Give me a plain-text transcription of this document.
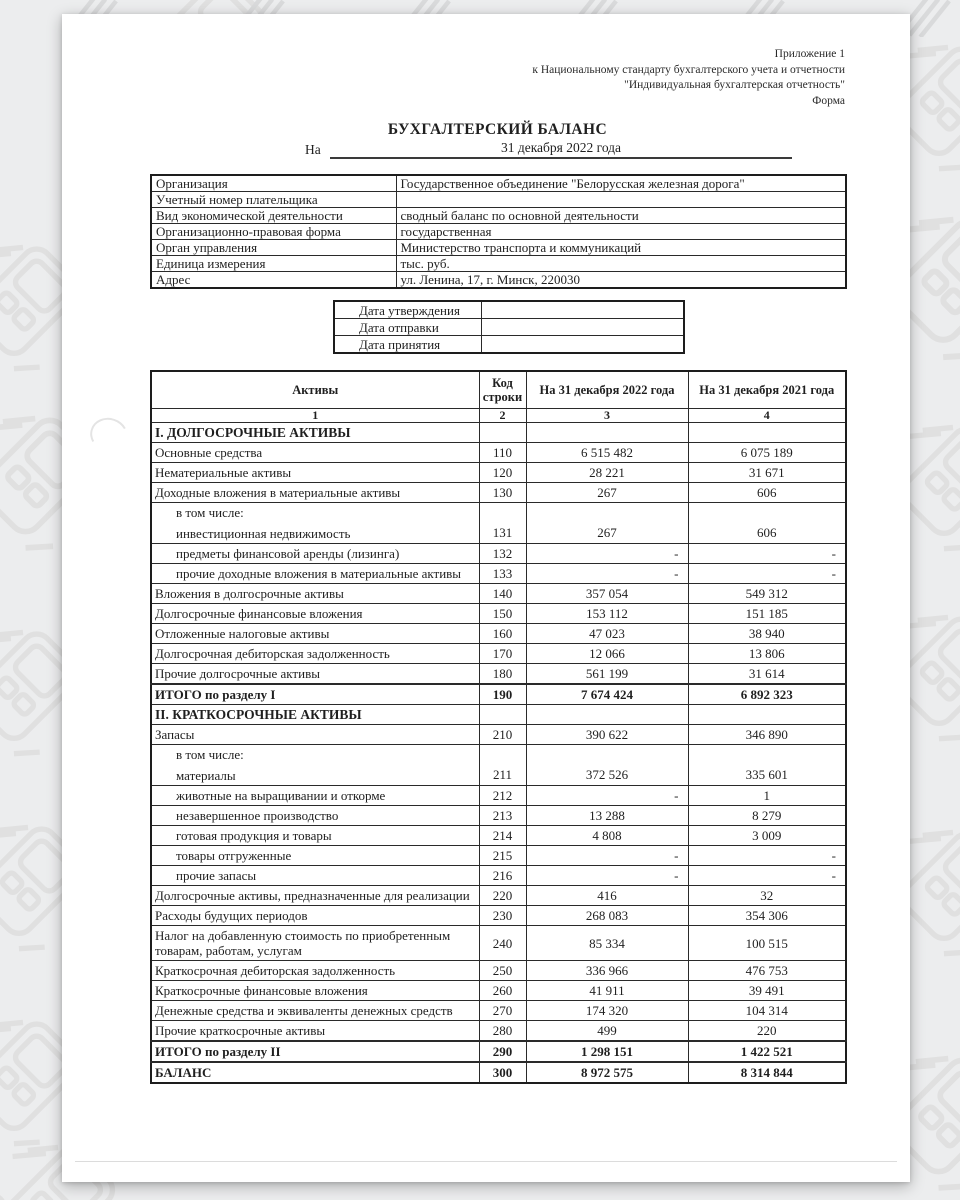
Приложение 1
к Национальному стандарту бухгалтерского учета и отчетности
"Индивидуальная бухгалтерская отчетность"
Форма
БУХГАЛТЕРСКИЙ БАЛАНС
На	31 декабря 2022 года
Организация	Государственное объединение "Белорусская железная дорога"
Учетный номер плательщика	
Вид экономической деятельности	сводный баланс по основной деятельности
Организационно-правовая форма	государственная
Орган управления	Министерство транспорта и коммуникаций
Единица измерения	тыс. руб.
Адрес	ул. Ленина, 17, г. Минск, 220030
Дата утверждения	
Дата отправки	
Дата принятия	
Активы	Код строки	На 31 декабря 2022 года	На 31 декабря 2021 года
1	2	3	4

I. ДОЛГОСРОЧНЫЕ АКТИВЫ			

Основные средства	110	6 515 482	6 075 189

Нематериальные активы	120	28 221	31 671

Доходные вложения в материальные активы	130	267	606

в том числе:
инвестиционная недвижимость	131	267	606

предметы финансовой аренды (лизинга)	132	-	-

прочие доходные вложения в материальные активы	133	-	-

Вложения в долгосрочные активы	140	357 054	549 312

Долгосрочные финансовые вложения	150	153 112	151 185

Отложенные налоговые активы	160	47 023	38 940

Долгосрочная дебиторская задолженность	170	12 066	13 806

Прочие долгосрочные активы	180	561 199	31 614

ИТОГО по разделу I	190	7 674 424	6 892 323

II. КРАТКОСРОЧНЫЕ АКТИВЫ			

Запасы	210	390 622	346 890

в том числе:
материалы	211	372 526	335 601

животные на выращивании и откорме	212	-	1

незавершенное производство	213	13 288	8 279

готовая продукция и товары	214	4 808	3 009

товары отгруженные	215	-	-

прочие запасы	216	-	-

Долгосрочные активы, предназначенные для реализации	220	416	32

Расходы будущих периодов	230	268 083	354 306

Налог на добавленную стоимость по приобретенным товарам, работам, услугам	240	85 334	100 515

Краткосрочная дебиторская задолженность	250	336 966	476 753

Краткосрочные финансовые вложения	260	41 911	39 491

Денежные средства и эквиваленты денежных средств	270	174 320	104 314

Прочие краткосрочные активы	280	499	220

ИТОГО по разделу II	290	1 298 151	1 422 521

БАЛАНС	300	8 972 575	8 314 844
